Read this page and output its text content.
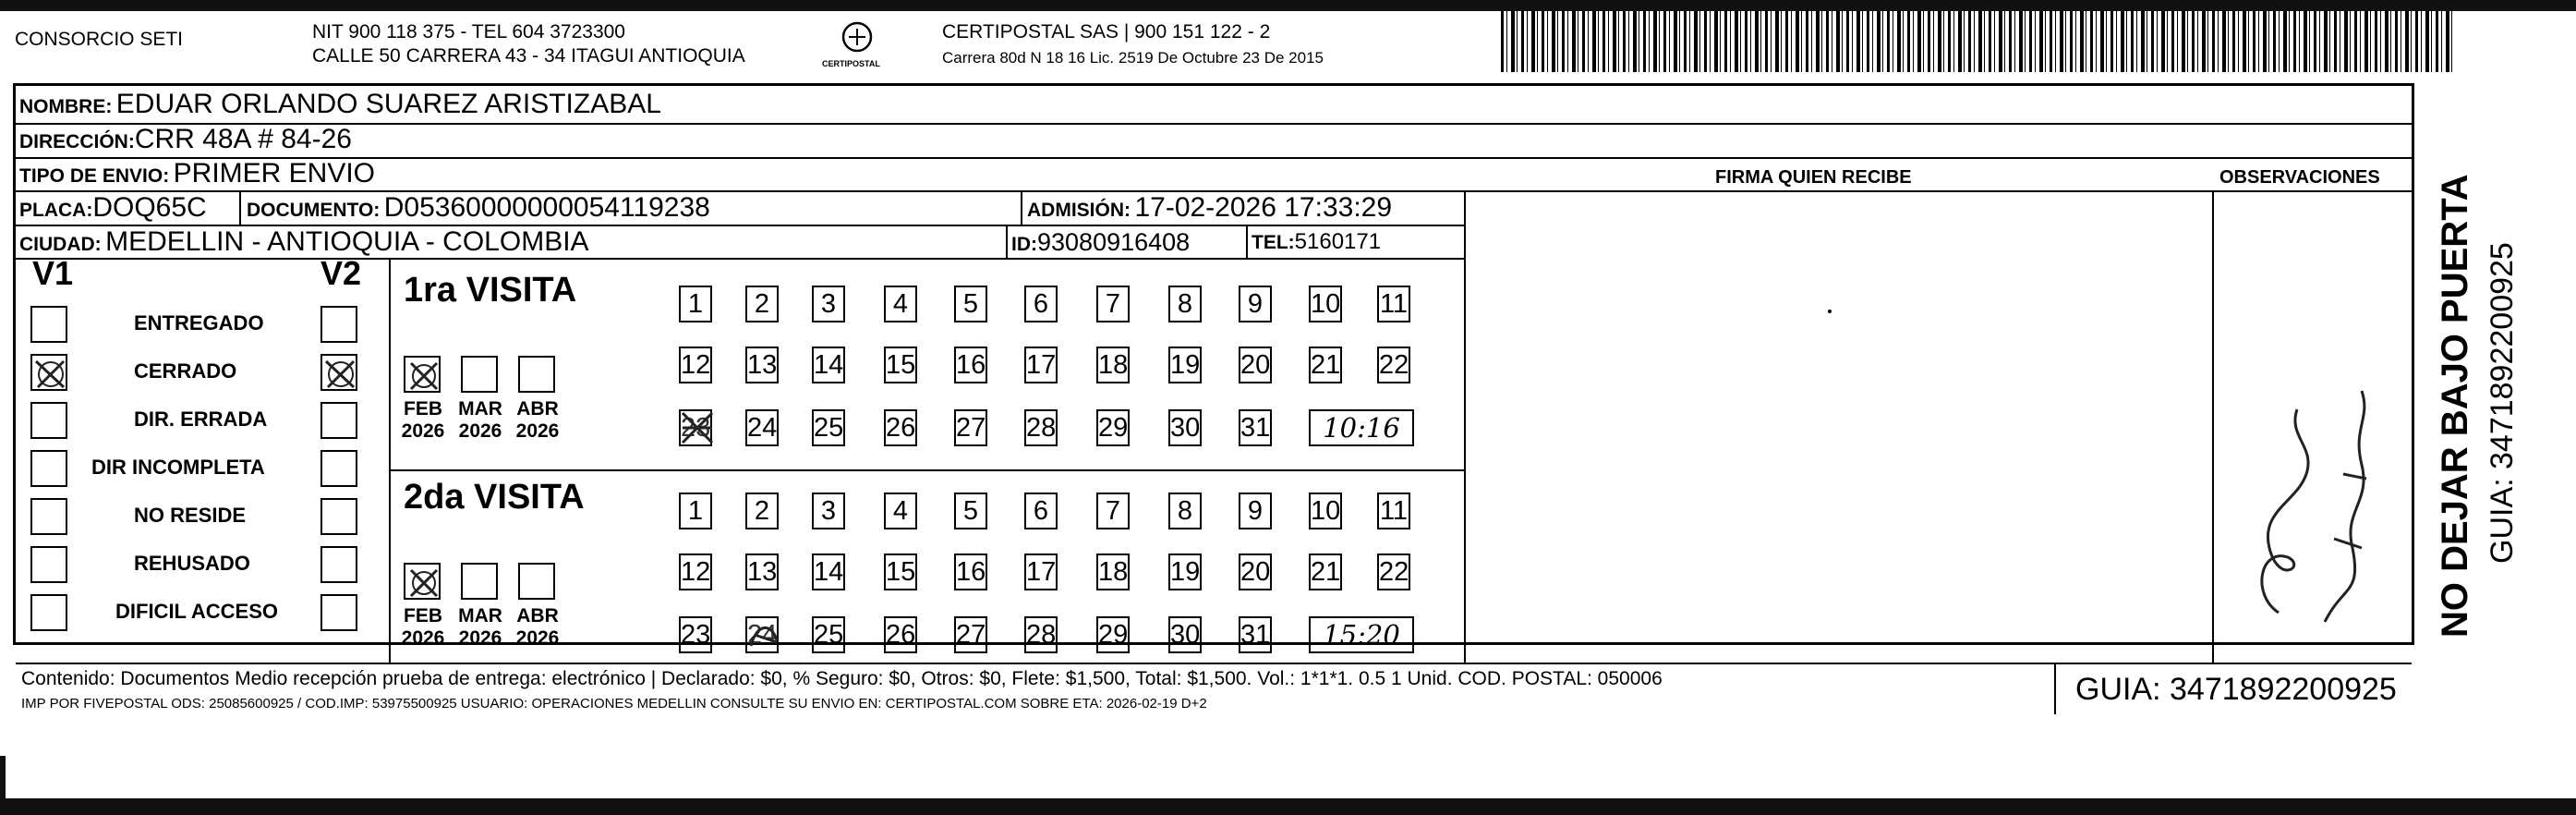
CONSORCIO SETI	NIT 900 118 375 - TEL 604 3723300
CALLE 50 CARRERA 43 - 34 ITAGUI ANTIOQUIA	CERTIPOSTAL
CERTIPOSTAL SAS | 900 151 122 - 2
Carrera 80d N 18 16 Lic. 2519 De Octubre 23 De 2015
NOMBRE: EDUAR ORLANDO SUAREZ ARISTIZABAL
DIRECCIÓN:CRR 48A # 84-26
TIPO DE ENVIO: PRIMER ENVIO	FIRMA QUIEN RECIBE	OBSERVACIONES
PLACA:DOQ65C DOCUMENTO: D05360000000054119238	ADMISIÓN: 17-02-2026 17:33:29
CIUDAD: MEDELLIN - ANTIOQUIA - COLOMBIA	ID:93080916408	TEL:5160171
V1	V2
ENTREGADO
CERRADO
DIR. ERRADA
DIR INCOMPLETA
NO RESIDE
REHUSADO
DIFICIL ACCESO
1ra VISITA
2da VISITA
FEB
2026
MAR
2026
ABR
2026
1	2	3	4	5	6	7	8	9	10 11
12 13 14 15 16 17 18 19 20 21 22
23 24 25 26 27 28 29 30 31	10:16
FEB
2026
MAR
2026
ABR
2026
1	2	3	4	5	6	7	8	9	10 11
12 13 14 15 16 17 18 19 20 21 22
23 24 25 26 27 28 29 30 31	15:20
Contenido: Documentos Medio recepción prueba de entrega: electrónico | Declarado: $0, % Seguro: $0, Otros: $0, Flete: $1,500, Total: $1,500. Vol.: 1*1*1. 0.5 1 Unid. COD. POSTAL: 050006
IMP POR FIVEPOSTAL ODS: 25085600925 / COD.IMP: 53975500925 USUARIO: OPERACIONES MEDELLIN CONSULTE SU ENVIO EN: CERTIPOSTAL.COM SOBRE ETA: 2026-02-19 D+2	GUIA: 3471892200925
NO DEJAR BAJO PUERTA GUIA: 3471892200925
